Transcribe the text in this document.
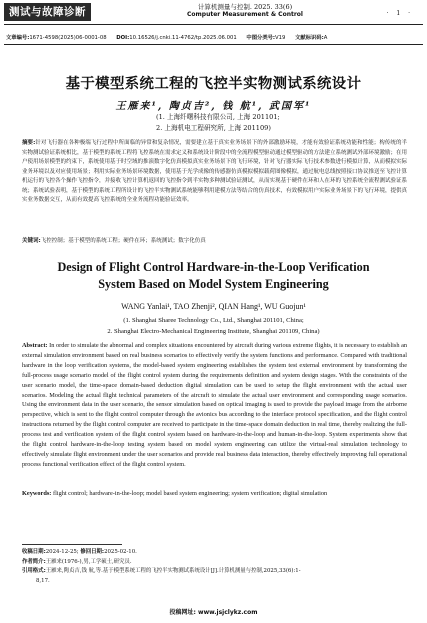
测试与故障诊断	计算机测量与控制. 2025. 33(6)
Computer Measurement & Control	· 1 ·
文章编号:1671-4598(2025)06-0001-08 DOI:10.16526/j.cnki.11-4762/tp.2025.06.001 中图分类号:V19 文献标识码:A
基于模型系统工程的飞控半实物测试系统设计
王雁来¹, 陶贞吉², 钱 航¹, 武国军¹
(1. 上海纤曙科技有限公司, 上海 201101;
2. 上海机电工程研究所, 上海 201109)
摘要:针对飞行器在各种极端飞行过程中所面临的异常和复杂情况，需要建立基于真实业务场景下的外部激励环境，才能有效验证系统功能和性能；构传统的半实物测试验证系统相比，基于模型的系统工程将飞控系统在需求定义和系统设计阶段中的全流程模型驱动通过模型驱动的方法建立系统测试外部环境激励；在用户使用场景模型的约束下，系统使用基于时空域的推演数字化仿真模拟真实业务场景下的飞行环境，针对飞行器实际飞行技术参数进行模拟计算，从而模拟实际业务环境以及对应使用场景；利用实际业务场景环境数据，使用基于光学成像的传感器仿真模拟模拟载荷图像模拟，通过航电总线按照接口协议推送至飞控计算机运行的飞控各个操作飞控指令，并接收飞控计算机返回的飞控指令到半实物多种测试验证测试，从而实现基于硬件在环和人在环的飞控系统全流程测试验证系统；系统试验表明，基于模型的系统工程所设计的飞控半实物测试系统能够利用建模方法等结合的仿真技术，有效模拟用户实际业务场景下的飞行环境，提供真实业务数据交互，从而有效提高飞控系统的全业务流程功能验证效率。
关键词:飞控控制；基于模型的系统工程；硬件在环；系统测试；数字化仿真
Design of Flight Control Hardware-in-the-Loop Verification
System Based on Model System Engineering
WANG Yanlai¹, TAO Zhenji², QIAN Hang¹, WU Guojun¹
(1. Shanghai Sharee Technology Co., Ltd., Shanghai 201101, China;
2. Shanghai Electro-Mechanical Engineering Institute, Shanghai 201109, China)
Abstract: In order to simulate the abnormal and complex situations encountered by aircraft during various extreme flights, it is necessary to establish an external simulation environment based on real business scenarios to effectively verify the system functions and performance. Compared with traditional hardware in the loop verification systems, the model-based system engineering establishes the system test external environment by transforming the full-process usage scenario model of the flight control system during the requirements definition and system design stages. With the constraints of the user scenario model, the time-space domain-based deduction digital simulation can be used to setup the flight environment with the actual user scenarios. Modeling the actual flight technical parameters of the aircraft to simulate the actual user environment and corresponding usage scenarios. Using the environment data in the user scenario, the sensor simulation based on optical imaging is used to provide the payload image from the airborne perspective, which is sent to the flight control computer through the avionics bus according to the interface protocol specification, and the flight control instructions returned by the flight control computer are received to participate in the time-space domain deduction in real time, thereby realizing the full-process test and verification system of the flight control system based on hardware-in-the-loop and human-in-the-loop. System experiments show that the flight control hardware-in-the-loop testing system based on model system engineering can utilize the virtual-real simulation technology to effectively simulate flight environment under the user scenarios and provide real business data interaction, thereby effectively improving full operational process functional verification effect of the flight control system.
Keywords: flight control; hardware-in-the-loop; model based system engineering; system verification; digital simulation
收稿日期:2024-12-25; 修回日期:2025-02-10.
作者简介:王雁来(1976-),男,工学硕士,研究员.
引用格式:王雁来,陶贞吉,钱 航,等.基于模型系统工程的飞控半实物测试系统设计[J].计算机测量与控制,2025,33(6):1-
8,17.
投稿网址: www.jsjclykz.com
